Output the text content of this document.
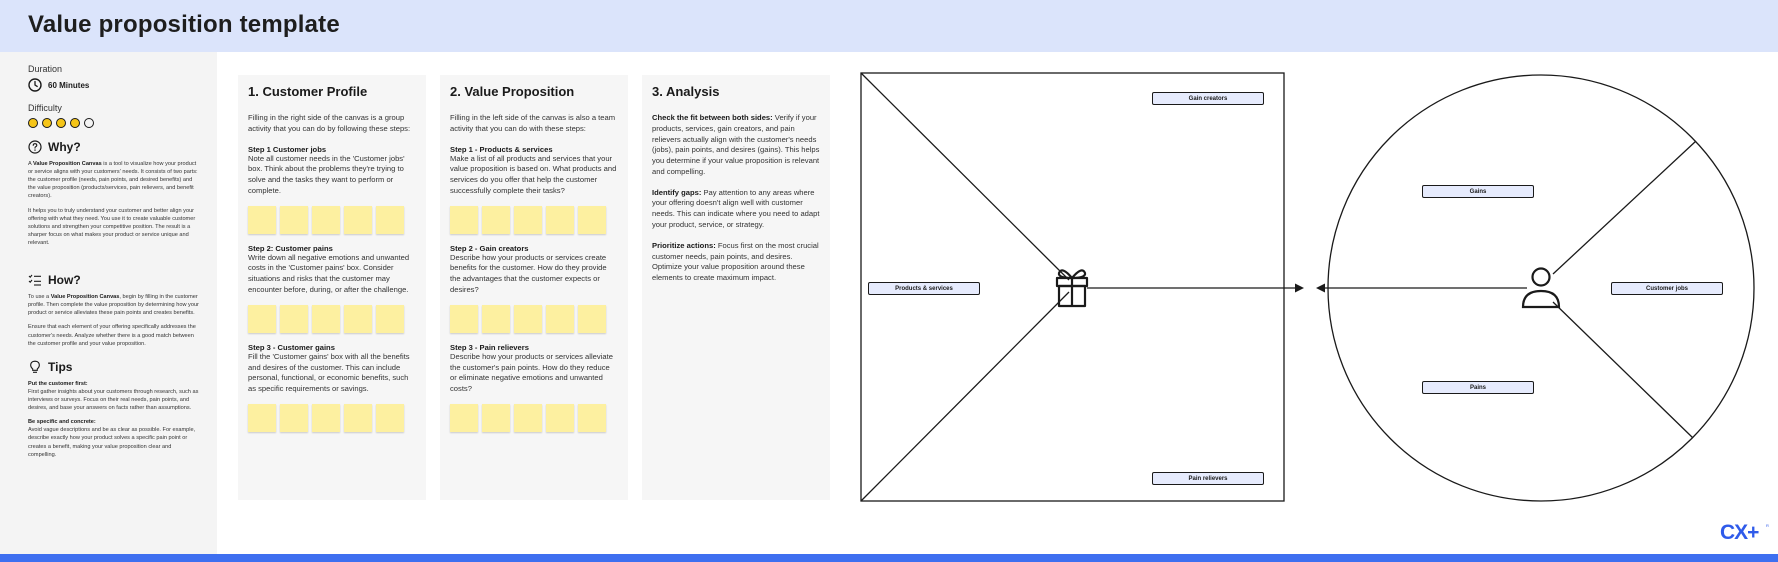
Value proposition template
Duration
60 Minutes
Difficulty
Why?
A Value Proposition Canvas is a tool to visualize how your product or service aligns with your customers' needs. It consists of two parts: the customer profile (needs, pain points, and desired benefits) and the value proposition (products/services, pain relievers, and benefit creators).
It helps you to truly understand your customer and better align your offering with what they need. You use it to create valuable customer solutions and strengthen your competitive position. The result is a sharper focus on what makes your product or service unique and relevant.
How?
To use a Value Proposition Canvas, begin by filling in the customer profile. Then complete the value proposition by determining how your product or service alleviates these pain points and creates benefits.
Ensure that each element of your offering specifically addresses the customer's needs. Analyze whether there is a good match between the customer profile and your value proposition.
Tips
Put the customer first:
First gather insights about your customers through research, such as interviews or surveys. Focus on their real needs, pain points, and desires, and base your answers on facts rather than assumptions.
Be specific and concrete:
Avoid vague descriptions and be as clear as possible. For example, describe exactly how your product solves a specific pain point or creates a benefit, making your value proposition clear and compelling.
1. Customer Profile
Filling in the right side of the canvas is a group activity that you can do by following these steps:
Step 1 Customer jobs
Note all customer needs in the 'Customer jobs' box. Think about the problems they're trying to solve and the tasks they want to perform or complete.
Step 2: Customer pains
Write down all negative emotions and unwanted costs in the 'Customer pains' box. Consider situations and risks that the customer may encounter before, during, or after the challenge.
Step 3 - Customer gains
Fill the 'Customer gains' box with all the benefits and desires of the customer. This can include personal, functional, or economic benefits, such as specific requirements or savings.
2. Value Proposition
Filling in the left side of the canvas is also a team activity that you can do with these steps:
Step 1 - Products & services
Make a list of all products and services that your value proposition is based on. What products and services do you offer that help the customer successfully complete their tasks?
Step 2 - Gain creators
Describe how your products or services create benefits for the customer. How do they provide the advantages that the customer expects or desires?
Step 3 - Pain relievers
Describe how your products or services alleviate the customer's pain points. How do they reduce or eliminate negative emotions and unwanted costs?
3. Analysis

Check the fit between both sides: Verify if your products, services, gain creators, and pain relievers actually align with the customer's needs (jobs), pain points, and desires (gains). This helps you determine if your value proposition is relevant and compelling.

Identify gaps: Pay attention to any areas where your offering doesn't align well with customer needs. This can indicate where you need to adapt your product, service, or strategy.

Prioritize actions: Focus first on the most crucial customer needs, pain points, and desires. Optimize your value proposition around these elements to create maximum impact.

Gain creators
Products & services
Pain relievers
Gains
Pains
Customer jobs
CX+ R
